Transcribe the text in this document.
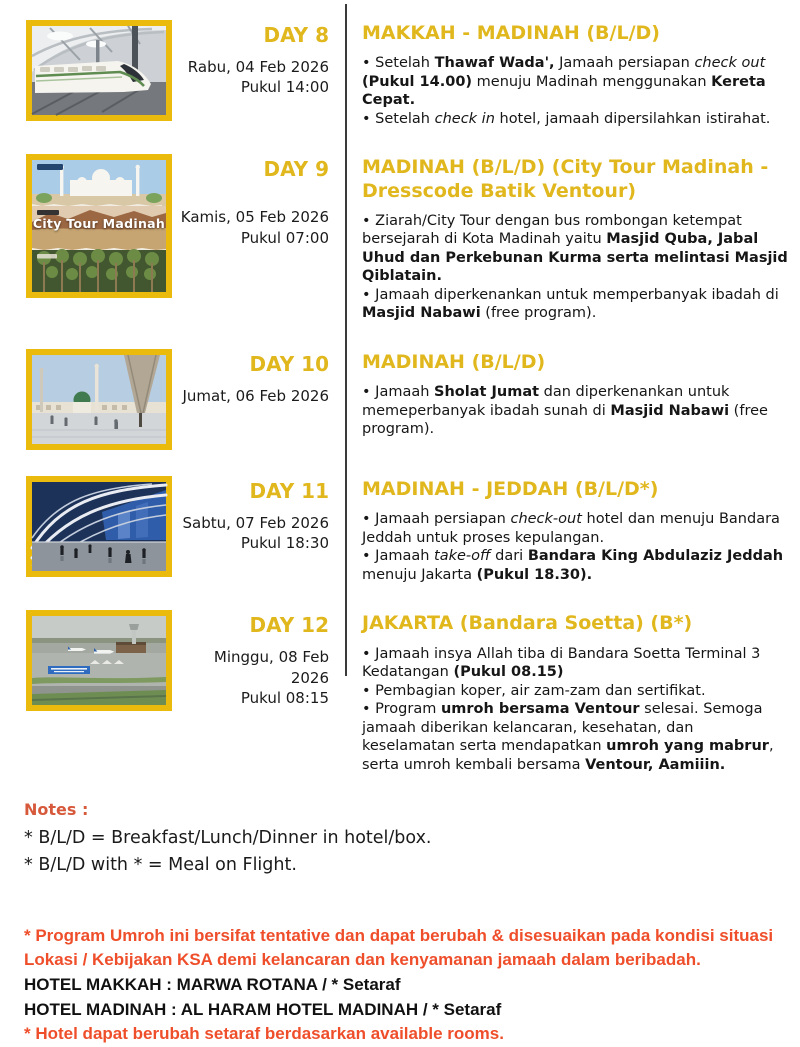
DAY 8
Rabu, 04 Feb 2026
Pukul 14:00
MAKKAH - MADINAH (B/L/D)

• Setelah Thawaf Wada', Jamaah persiapan check out (Pukul 14.00) menuju Madinah menggunakan Kereta Cepat.

• Setelah check in hotel, jamaah dipersilahkan istirahat.

City Tour Madinah
DAY 9
Kamis, 05 Feb 2026
Pukul 07:00
MADINAH (B/L/D) (City Tour Madinah - Dresscode Batik Ventour)

• Ziarah/City Tour dengan bus rombongan ketempat bersejarah di Kota Madinah yaitu Masjid Quba, Jabal Uhud dan Perkebunan Kurma serta melintasi Masjid Qiblatain.

• Jamaah diperkenankan untuk memperbanyak ibadah di Masjid Nabawi (free program).

DAY 10
Jumat, 06 Feb 2026
MADINAH (B/L/D)

• Jamaah Sholat Jumat dan diperkenankan untuk memeperbanyak ibadah sunah di Masjid Nabawi (free program).

DAY 11
Sabtu, 07 Feb 2026
Pukul 18:30
MADINAH - JEDDAH (B/L/D*)

• Jamaah persiapan check-out hotel dan menuju Bandara Jeddah untuk proses kepulangan.

• Jamaah take-off dari Bandara King Abdulaziz Jeddah menuju Jakarta (Pukul 18.30).

DAY 12
Minggu, 08 Feb 2026
Pukul 08:15
JAKARTA (Bandara Soetta) (B*)

• Jamaah insya Allah tiba di Bandara Soetta Terminal 3 Kedatangan (Pukul 08.15)

• Pembagian koper, air zam-zam dan sertifikat.

• Program umroh bersama Ventour selesai. Semoga jamaah diberikan kelancaran, kesehatan, dan keselamatan serta mendapatkan umroh yang mabrur, serta umroh kembali bersama Ventour, Aamiiin.

Notes :
* B/L/D = Breakfast/Lunch/Dinner in hotel/box.
* B/L/D with * = Meal on Flight.
* Program Umroh ini bersifat tentative dan dapat berubah & disesuaikan pada kondisi situasi Lokasi / Kebijakan KSA demi kelancaran dan kenyamanan jamaah dalam beribadah.
HOTEL MAKKAH : MARWA ROTANA / * Setaraf
HOTEL MADINAH : AL HARAM HOTEL MADINAH / * Setaraf
* Hotel dapat berubah setaraf berdasarkan available rooms.
